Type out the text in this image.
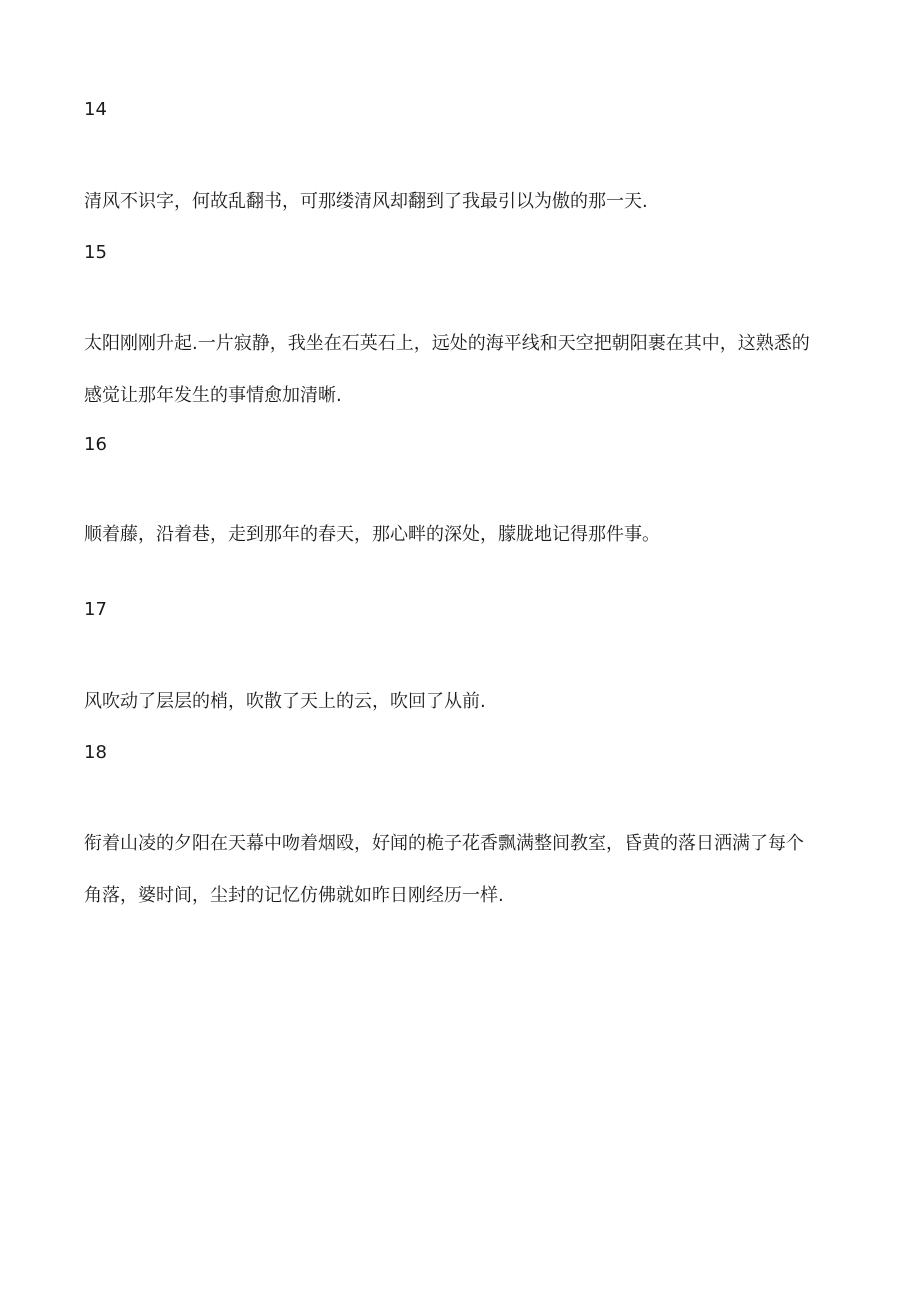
14
清风不识字，何故乱翻书，可那缕清风却翻到了我最引以为傲的那一天.
15
太阳刚刚升起.一片寂静，我坐在石英石上，远处的海平线和天空把朝阳裹在其中，这熟悉的
感觉让那年发生的事情愈加清晰.
16
顺着藤，沿着巷，走到那年的春天，那心畔的深处，朦胧地记得那件事。
17
风吹动了层层的梢，吹散了天上的云，吹回了从前.
18
衔着山凌的夕阳在天幕中吻着烟殴，好闻的桅子花香飘满整间教室，昏黄的落日洒满了每个
角落，婆时间，尘封的记忆仿佛就如昨日刚经历一样.
